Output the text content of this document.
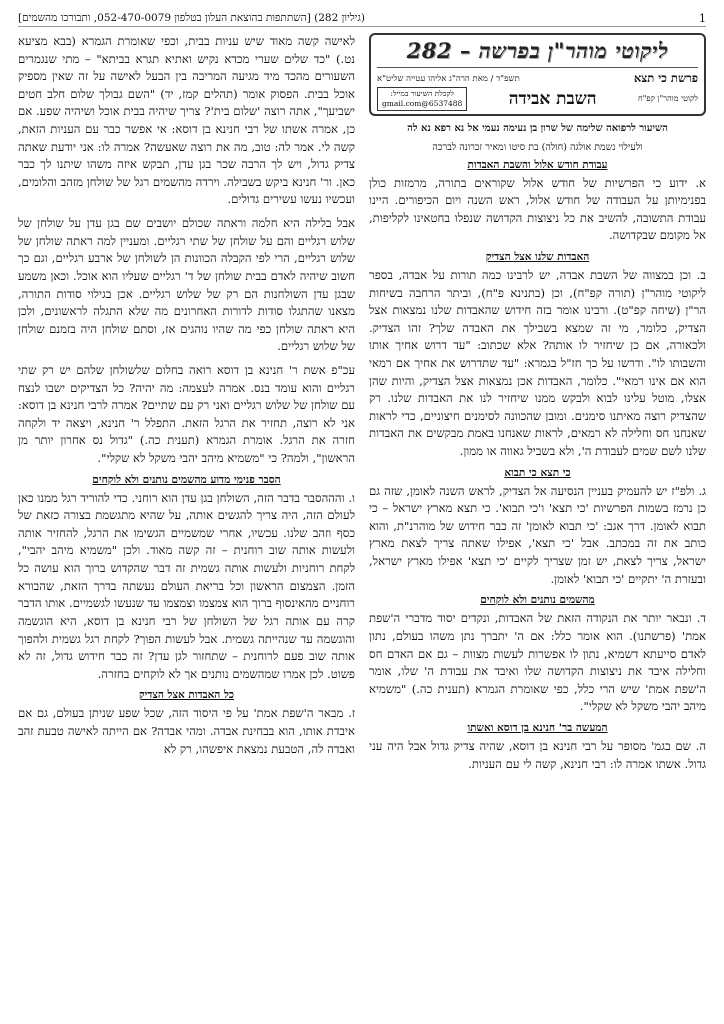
1
(גיליון 282) [השתתפות בהוצאת העלון בטלפון 052-470-0079, ותבורכו מהשמים]
ליקוטי מוהר"ן בפרשה – 282
פרשת כי תצא
תשפ"ד / מאת הרה"ג אליהו עטייה שליט"א
לקוטי מוהר"ן קפ"ח
השבת אבידה
לקבלת השיעור במייל:
6537488@gmail.com
השיעור לרפואה שלימה של שרון בן נעימה נעמי אל נא רפא נא לה
ולעילוי נשמת אולגה (חולה) בת סיטו ומאיר זכרונה לברכה
עבודת חודש אלול והשבת האבדות

א. ידוע כי הפרשיות של חודש אלול שקוראים בתורה, מרמזות כולן בפנימיותן על העבודה של חודש אלול, ראש השנה ויום הכיפורים. היינו עבודת התשובה, להשיב את כל ניצוצות הקדושה שנפלו בחטאינו לקליפות, אל מקומם שבקדושה.

האבדות שלנו אצל הצדיק

ב. וכן במצווה של השבת אבדה, יש לרבינו כמה תורות על אבדה, בספר ליקוטי מוהר"ן (תורה קפ"ח), וכן (בתנינא פ"ח), וביתר הרחבה בשיחות הר"ן (שיחה קפ"ט). ורבינו אומר בזה חידוש שהאבדות שלנו נמצאות אצל הצדיק, כלומר, מי זה שמצא בשבילך את האבדה שלך? זהו הצדיק. ולכאורה, אם כן שיחזיר לו אותה? אלא שכתוב: "עד דרוש אחיך אותו והשבותו לו". ודרשו על כך חז"ל בגמרא: "עד שתדרוש את אחיך אם רמאי הוא אם אינו רמאי". כלומר, האבדות אכן נמצאות אצל הצדיק, והיות שהן אצלו, מוטל עלינו לבוא ולבקש ממנו שיחזיר לנו את האבדות שלנו. רק שהצדיק רוצה מאיתנו סימנים. ומובן שהכוונה לסימנים חיצוניים, כדי לראות שאנחנו חס וחלילה לא רמאים, לראות שאנחנו באמת מבקשים את האבדות שלנו לשם שמים לעבודת ה', ולא בשביל גאווה או ממון.

כי תצא כי תבוא

ג. ולפ"ז יש להעמיק בעניין הנסיעה אל הצדיק, לראש השנה לאומן, שזה גם כן נרמז בשמות הפרשיות 'כי תצא' ו'כי תבוא'. כי תצא מארץ ישראל – כי תבוא לאומן. דרך אגב: 'כי תבוא לאומן' זה כבר חידוש של מוהרנ"ת, והוא כותב את זה במכתב. אבל 'כי תצא', אפילו שאתה צריך לצאת מארץ ישראל, צריך לצאת, יש זמן שצריך לקיים 'כי תצא' אפילו מארץ ישראל, ובעזרת ה' יתקיים 'כי תבוא' לאומן.

מהשמים נותנים ולא לוקחים

ד. ונבאר יותר את הנקודה הזאת של האבדות, ונקדים יסוד מדברי ה'שפת אמת' (פרשתנו). הוא אומר כלל: אם ה' יתברך נתן משהו בעולם, נתון לאדם סייעתא דשמיא, נתון לו אפשרות לעשות מצוות – גם אם האדם חס וחלילה איבד את ניצוצות הקדושה שלו ואיבד את עבודת ה' שלו, אומר ה'שפת אמת' שיש הרי כלל, כפי שאומרת הגמרא (תענית כה.) "משמיא מיהב יהבי משקל לא שקלי".

המעשה בר' חנינא בן דוסא ואשתו

ה. שם בגמ' מסופר על רבי חנינא בן דוסא, שהיה צדיק גדול אבל היה עני גדול. אשתו אמרה לו: רבי חנינא, קשה לי עם העניות.

לאישה קשה מאוד שיש עניות בבית, וכפי שאומרת הגמרא (בבא מציעא נט.) "כד שלים שערי מכדא נקיש ואתיא תגרא בביתא" – מתי שנגמרים השעורים מהכד מיד מגיעה המריבה בין הבעל לאישה על זה שאין מספיק אוכל בבית. הפסוק אומר (תהלים קמז, יד) "השם גבולך שלום חלב חטים ישביעך", אתה רוצה 'שלום בית'? צריך שיהיה בבית אוכל ושיהיה שפע. אם כן, אמרה אשתו של רבי חנינא בן דוסא: אי אפשר כבר עם העניות הזאת, קשה לי. אמר לה: טוב, מה את רוצה שאעשה? אמרה לו: אני יודעת שאתה צדיק גדול, ויש לך הרבה שכר בגן עדן, תבקש איזה משהו שיתנו לך כבר כאן. ור' חנינא ביקש בשבילה. וירדה מהשמים רגל של שולחן מזהב והלומים, ועכשיו נעשו עשירים גדולים.

אבל בלילה היא חלמה וראתה שכולם יושבים שם בגן עדן על שולחן של שלוש רגליים והם על שולחן של שתי רגליים. ומעניין למה ראתה שולחן של שלוש רגליים, הרי לפי הקבלה הכוונות הן לשולחן של ארבע רגליים, וגם כך חשוב שיהיה לאדם בבית שולחן של ד' רגליים שעליו הוא אוכל. וכאן משמע שבגן עדן השולחנות הם רק של שלוש רגליים. אכן בגילוי סודות התורה, מצאנו שהתגלו סודות לדורות האחרונים מה שלא התגלה לראשונים, ולכן היא ראתה שולחן כפי מה שהיו נוהגים אז, וסתם שולחן היה בזמנם שולחן של שלוש רגליים.

עכ"פ אשת ר' חנינא בן דוסא רואה בחלום שלשולחן שלהם יש רק שתי רגליים והוא עומד בנס. אמרה לעצמה: מה יהיה? כל הצדיקים ישבו לנצח עם שולחן של שלוש רגליים ואני רק עם שתיים? אמרה לרבי חנינא בן דוסא: אני לא רוצה, תחזיר את הרגל הזאת. התפלל ר' חנינא, ויצאה יד ולקחה חזרה את הרגל. אומרת הגמרא (תענית כה.) "גדול נס אחרון יותר מן הראשון", ולמה? כי "משמיא מיהב יהבי משקל לא שקלי".

הסבר פנימי מדוע מהשמים נותנים ולא לוקחים

ו. והההסבר בדבר הזה, השולחן בגן עדן הוא רוחני. כדי להוריד רגל ממנו כאן לעולם הזה, היה צריך להגשים אותה, על שהיא מתגשמת בצורה כזאת של כסף וזהב שלנו. עכשיו, אחרי שמשמיים הגשימו את הרגל, להחזיר אותה ולעשות אותה שוב רוחנית – זה קשה מאוד. ולכן "משמיא מיהב יהבי", לקחת רוחניות ולעשות אותה גשמית זה דבר שהקדוש ברוך הוא עושה כל הזמן. הצמצום הראשון וכל בריאת העולם נעשתה בדרך הזאת, שהבורא רוחניים מהאינסוף ברוך הוא צמצמו וצמצמו עד שנעשו לגשמיים. אותו הדבר קרה עם אותה רגל של השולחן של רבי חנינא בן דוסא, היא הוגשמה והוגשמה עד שנהייתה גשמית. אבל לעשות הפוך? לקחת רגל גשמית ולהפוך אותה שוב פעם לרוחנית – שתחזור לגן עדן? זה כבר חידוש גדול, זה לא פשוט. לכן אמרו שמהשמים נותנים אך לא לוקחים בחזרה.

כל האבדות אצל הצדיק

ז. מבאר ה'שפת אמת' על פי היסוד הזה, שכל שפע שניתן בעולם, גם אם איבדת אותו, הוא בבחינת אבדה. ומהי אבדה? אם הייתה לאישה טבעת זהב ואבדה לה, הטבעת נמצאת איפשהו, רק לא
